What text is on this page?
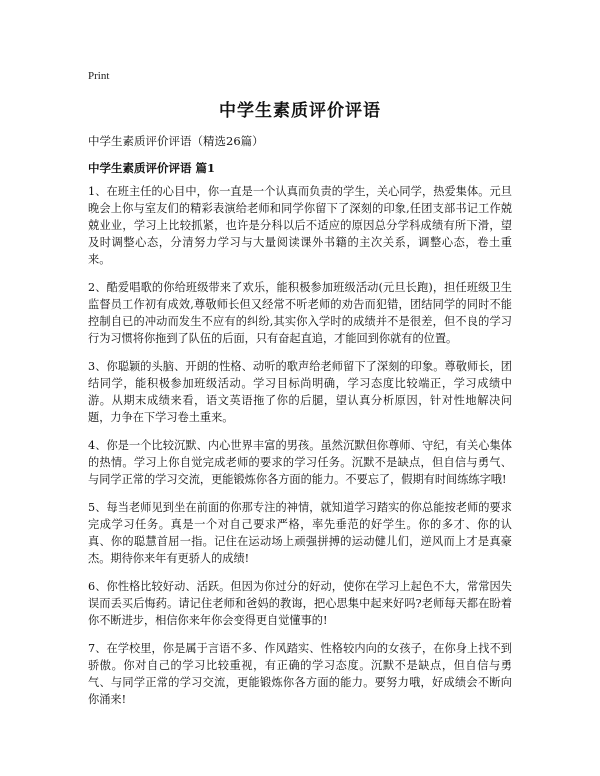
Print
中学生素质评价评语
中学生素质评价评语（精选26篇）
中学生素质评价评语 篇1

1、在班主任的心目中，你一直是一个认真而负责的学生，关心同学，热爱集体。元旦晚会上你与室友们的精彩表演给老师和同学你留下了深刻的印象,任团支部书记工作兢兢业业，学习上比较抓紧，也许是分科以后不适应的原因总分学科成绩有所下滑，望及时调整心态，分清努力学习与大量阅读课外书籍的主次关系，调整心态，卷土重来。

2、酷爱唱歌的你给班级带来了欢乐，能积极参加班级活动(元旦长跑)，担任班级卫生监督员工作初有成效,尊敬师长但又经常不听老师的劝告而犯错，团结同学的同时不能控制自已的冲动而发生不应有的纠纷,其实你入学时的成绩并不是很差，但不良的学习行为习惯将你拖到了队伍的后面，只有奋起直追，才能回到你就有的位置。

3、你聪颖的头脑、开朗的性格、动听的歌声给老师留下了深刻的印象。尊敬师长，团结同学，能积极参加班级活动。学习目标尚明确，学习态度比较端正，学习成绩中游。从期末成绩来看，语文英语拖了你的后腿，望认真分析原因，针对性地解决问题，力争在下学习卷土重来。

4、你是一个比较沉默、内心世界丰富的男孩。虽然沉默但你尊师、守纪，有关心集体的热情。学习上你自觉完成老师的要求的学习任务。沉默不是缺点，但自信与勇气、与同学正常的学习交流，更能锻炼你各方面的能力。不要忘了，假期有时间练练字哦!

5、每当老师见到坐在前面的你那专注的神情，就知道学习踏实的你总能按老师的要求完成学习任务。真是一个对自己要求严格，率先垂范的好学生。你的多才、你的认真、你的聪慧首屈一指。记住在运动场上顽强拼搏的运动健儿们，逆风而上才是真豪杰。期待你来年有更骄人的成绩!

6、你性格比较好动、活跃。但因为你过分的好动，使你在学习上起色不大，常常因失误而丢买后悔药。请记住老师和爸妈的教诲，把心思集中起来好吗?老师每天都在盼着你不断进步，相信你来年你会变得更自觉懂事的!

7、在学校里，你是属于言语不多、作风踏实、性格较内向的女孩子，在你身上找不到骄傲。你对自己的学习比较重视，有正确的学习态度。沉默不是缺点，但自信与勇气、与同学正常的学习交流，更能锻炼你各方面的能力。要努力哦，好成绩会不断向你涌来!
